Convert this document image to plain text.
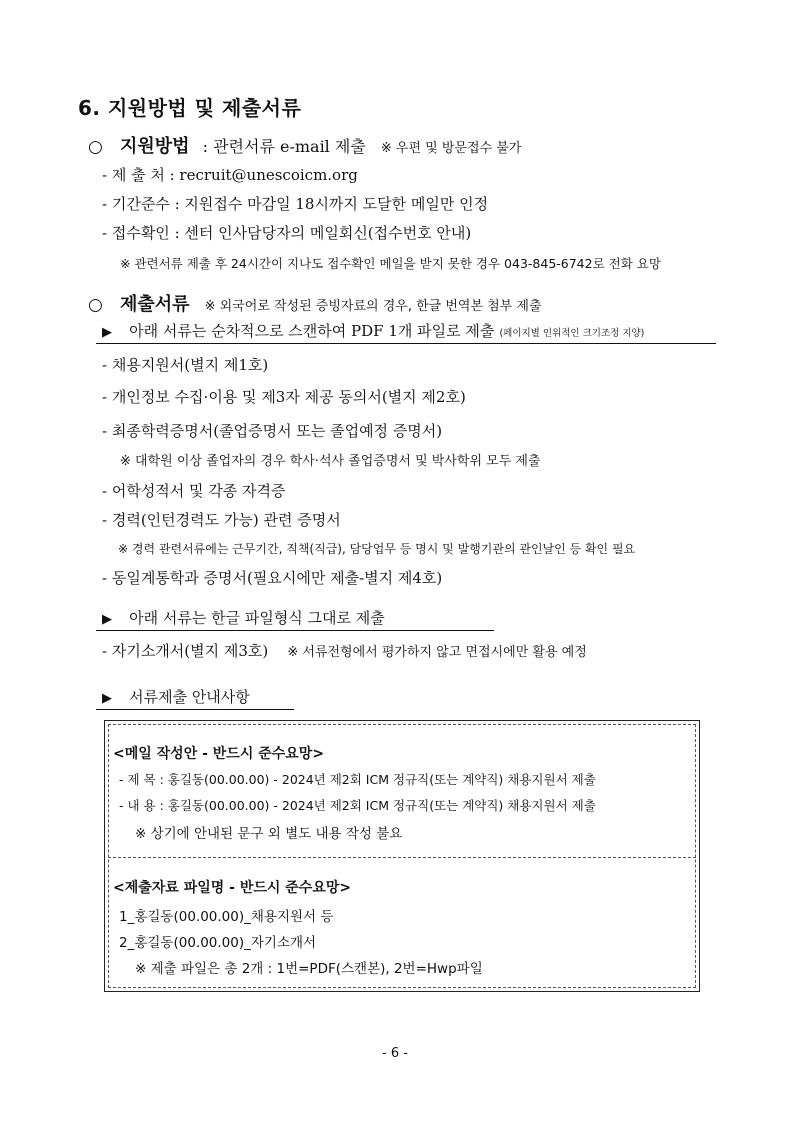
6. 지원방법 및 제출서류
○ 지원방법 : 관련서류 e-mail 제출 ※ 우편 및 방문접수 불가
- 제 출 처 : recruit@unescoicm.org
- 기간준수 : 지원접수 마감일 18시까지 도달한 메일만 인정
- 접수확인 : 센터 인사담당자의 메일회신(접수번호 안내)
※ 관련서류 제출 후 24시간이 지나도 접수확인 메일을 받지 못한 경우 043-845-6742로 전화 요망
○ 제출서류 ※ 외국어로 작성된 증빙자료의 경우, 한글 번역본 첨부 제출
▶ 아래 서류는 순차적으로 스캔하여 PDF 1개 파일로 제출 (페이지별 인위적인 크기조정 지양)
- 채용지원서(별지 제1호)
- 개인정보 수집·이용 및 제3자 제공 동의서(별지 제2호)
- 최종학력증명서(졸업증명서 또는 졸업예정 증명서)
※ 대학원 이상 졸업자의 경우 학사·석사 졸업증명서 및 박사학위 모두 제출
- 어학성적서 및 각종 자격증
- 경력(인턴경력도 가능) 관련 증명서
※ 경력 관련서류에는 근무기간, 직책(직급), 담당업무 등 명시 및 발행기관의 관인날인 등 확인 필요
- 동일계통학과 증명서(필요시에만 제출-별지 제4호)
▶ 아래 서류는 한글 파일형식 그대로 제출
- 자기소개서(별지 제3호) ※ 서류전형에서 평가하지 않고 면접시에만 활용 예정
▶ 서류제출 안내사항
<메일 작성안 - 반드시 준수요망>
- 제 목 : 홍길동(00.00.00) - 2024년 제2회 ICM 정규직(또는 계약직) 채용지원서 제출
- 내 용 : 홍길동(00.00.00) - 2024년 제2회 ICM 정규직(또는 계약직) 채용지원서 제출
※ 상기에 안내된 문구 외 별도 내용 작성 불요
<제출자료 파일명 - 반드시 준수요망>
1_홍길동(00.00.00)_채용지원서 등
2_홍길동(00.00.00)_자기소개서
※ 제출 파일은 총 2개 : 1번=PDF(스캔본), 2번=Hwp파일
- 6 -
